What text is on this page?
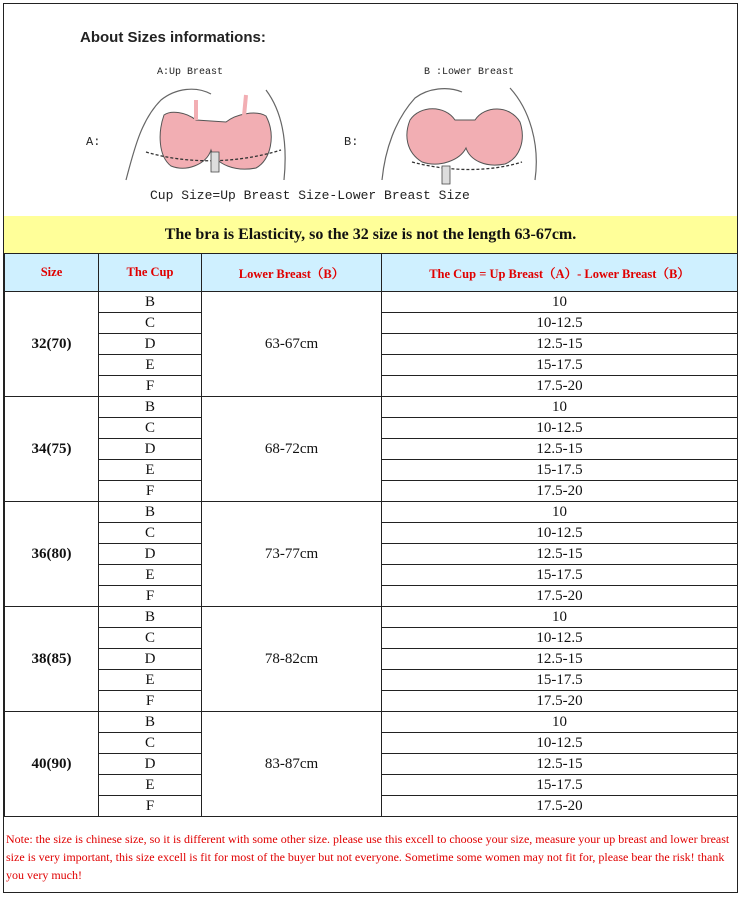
About Sizes informations:
A:Up Breast	B :Lower Breast
A:	B:
Cup Size=Up Breast Size-Lower Breast Size
The bra is Elasticity, so the 32 size is not the length 63-67cm.
Size	The Cup	Lower Breast（B）	The Cup = Up Breast（A）- Lower Breast（B）
32(70)	B	63-67cm	10
	C		10-12.5
	D		12.5-15
	E		15-17.5
	F		17.5-20
34(75)	B	68-72cm	10
	C		10-12.5
	D		12.5-15
	E		15-17.5
	F		17.5-20
36(80)	B	73-77cm	10
	C		10-12.5
	D		12.5-15
	E		15-17.5
	F		17.5-20
38(85)	B	78-82cm	10
	C		10-12.5
	D		12.5-15
	E		15-17.5
	F		17.5-20
40(90)	B	83-87cm	10
	C		10-12.5
	D		12.5-15
	E		15-17.5
	F		17.5-20
Note: the size is chinese size, so it is different with some other size. please use this excell to choose your size, measure your up breast and lower breast size is very important, this size excell is fit for most of the buyer but not everyone. Sometime some women may not fit for, please bear the risk! thank you very much!
